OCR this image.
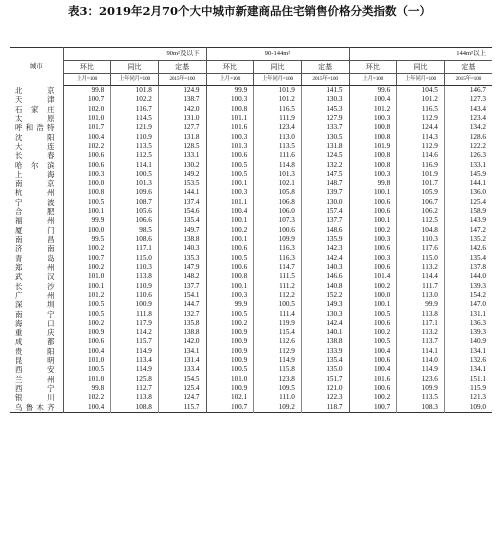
表3：2019年2月70个大中城市新建商品住宅销售价格分类指数（一）
城市	90m²及以下			90-144m²			144m²以上		
	环比	同比	定基	环比	同比	定基	环比	同比	定基
	上月=100	上年同月=100	2015年=100	上月=100	上年同月=100	2015年=100	上月=100	上年同月=100	2015年=100
北京	99.8	101.8	124.9	99.9	101.9	141.5	99.6	104.5	146.7
天津	100.7	102.2	138.7	100.3	101.2	130.3	100.4	101.2	127.3
石家庄	102.0	116.7	142.0	100.8	116.5	145.3	101.2	116.5	143.4
太原	101.0	114.5	131.0	101.1	111.9	127.9	100.3	112.9	123.4
呼和浩特	101.7	121.9	127.7	101.6	123.4	133.7	100.8	124.4	134.2
沈阳	100.4	110.9	131.8	100.3	113.0	130.5	100.8	114.3	128.6
大连	102.2	113.5	128.5	101.3	113.5	131.8	101.9	112.9	122.2
长春	100.6	112.5	133.1	100.6	111.6	124.5	100.8	114.6	126.3
哈尔滨	100.6	114.1	130.2	100.5	114.8	132.2	100.8	116.9	133.1
上海	100.3	100.5	149.2	100.5	101.3	147.5	100.3	101.9	145.9
南京	100.0	101.3	153.5	100.1	102.1	148.7	99.8	101.7	144.1
杭州	100.8	109.6	144.1	100.3	105.8	139.7	100.1	105.9	136.0
宁波	100.5	108.7	137.4	101.1	106.8	130.0	100.6	106.7	125.4
合肥	100.1	105.6	154.6	100.4	106.0	157.4	100.6	106.2	158.9
福州	99.9	106.6	135.4	100.1	107.3	137.7	100.1	112.5	143.9
厦门	100.0	98.5	149.7	100.2	100.6	148.6	100.2	104.8	147.2
南昌	99.5	108.6	138.8	100.1	109.9	135.9	100.3	110.3	135.2
济南	100.2	117.1	140.3	100.6	116.3	142.3	100.6	117.6	142.6
青岛	100.7	115.0	135.3	100.5	116.3	142.4	100.3	115.0	135.4
郑州	100.2	110.3	147.9	100.6	114.7	140.3	100.6	113.2	137.8
武汉	101.0	113.8	148.2	100.8	111.5	146.6	101.4	114.4	144.0
长沙	100.1	110.9	137.7	100.1	111.2	140.8	100.2	111.7	139.3
广州	101.2	110.6	154.1	100.3	112.2	152.2	100.0	113.0	154.2
深圳	100.5	100.9	144.7	99.9	100.5	149.3	100.1	99.9	147.0
南宁	100.5	111.8	132.7	100.5	111.4	130.3	100.5	113.8	131.1
海口	100.2	117.9	135.8	100.2	119.9	142.4	100.6	117.1	136.3
重庆	100.9	114.2	138.8	100.9	115.4	140.1	100.2	113.2	139.3
成都	100.6	115.7	142.0	100.9	112.6	138.8	100.5	113.7	140.9
贵阳	100.4	114.9	134.1	100.9	112.9	133.9	100.4	114.1	134.1
昆明	101.0	113.4	131.4	100.9	114.9	135.4	100.6	114.0	132.6
西安	100.5	114.9	133.4	100.5	115.8	135.0	100.4	114.9	134.1
兰州	101.0	125.8	154.5	101.0	123.8	151.7	101.6	123.6	151.1
西宁	99.8	112.7	125.4	100.9	109.5	121.0	100.6	109.9	115.9
银川	102.2	113.8	124.7	102.1	111.0	122.3	100.2	113.5	121.3
乌鲁木齐	100.4	108.8	115.7	100.7	109.2	118.7	100.7	108.3	109.0
